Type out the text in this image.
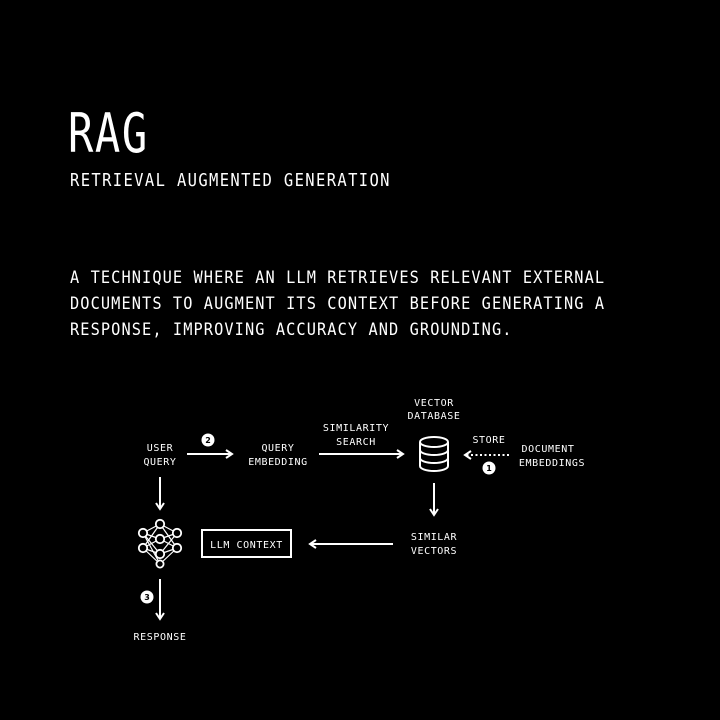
RAG
RETRIEVAL AUGMENTED GENERATION
A TECHNIQUE WHERE AN LLM RETRIEVES RELEVANT EXTERNAL
DOCUMENTS TO AUGMENT ITS CONTEXT BEFORE GENERATING A
RESPONSE, IMPROVING ACCURACY AND GROUNDING.
USER
QUERY
2
QUERY
EMBEDDING
SIMILARITY
SEARCH
VECTOR
DATABASE
STORE
1
DOCUMENT
EMBEDDINGS
SIMILAR
VECTORS
LLM CONTEXT
3
RESPONSE
